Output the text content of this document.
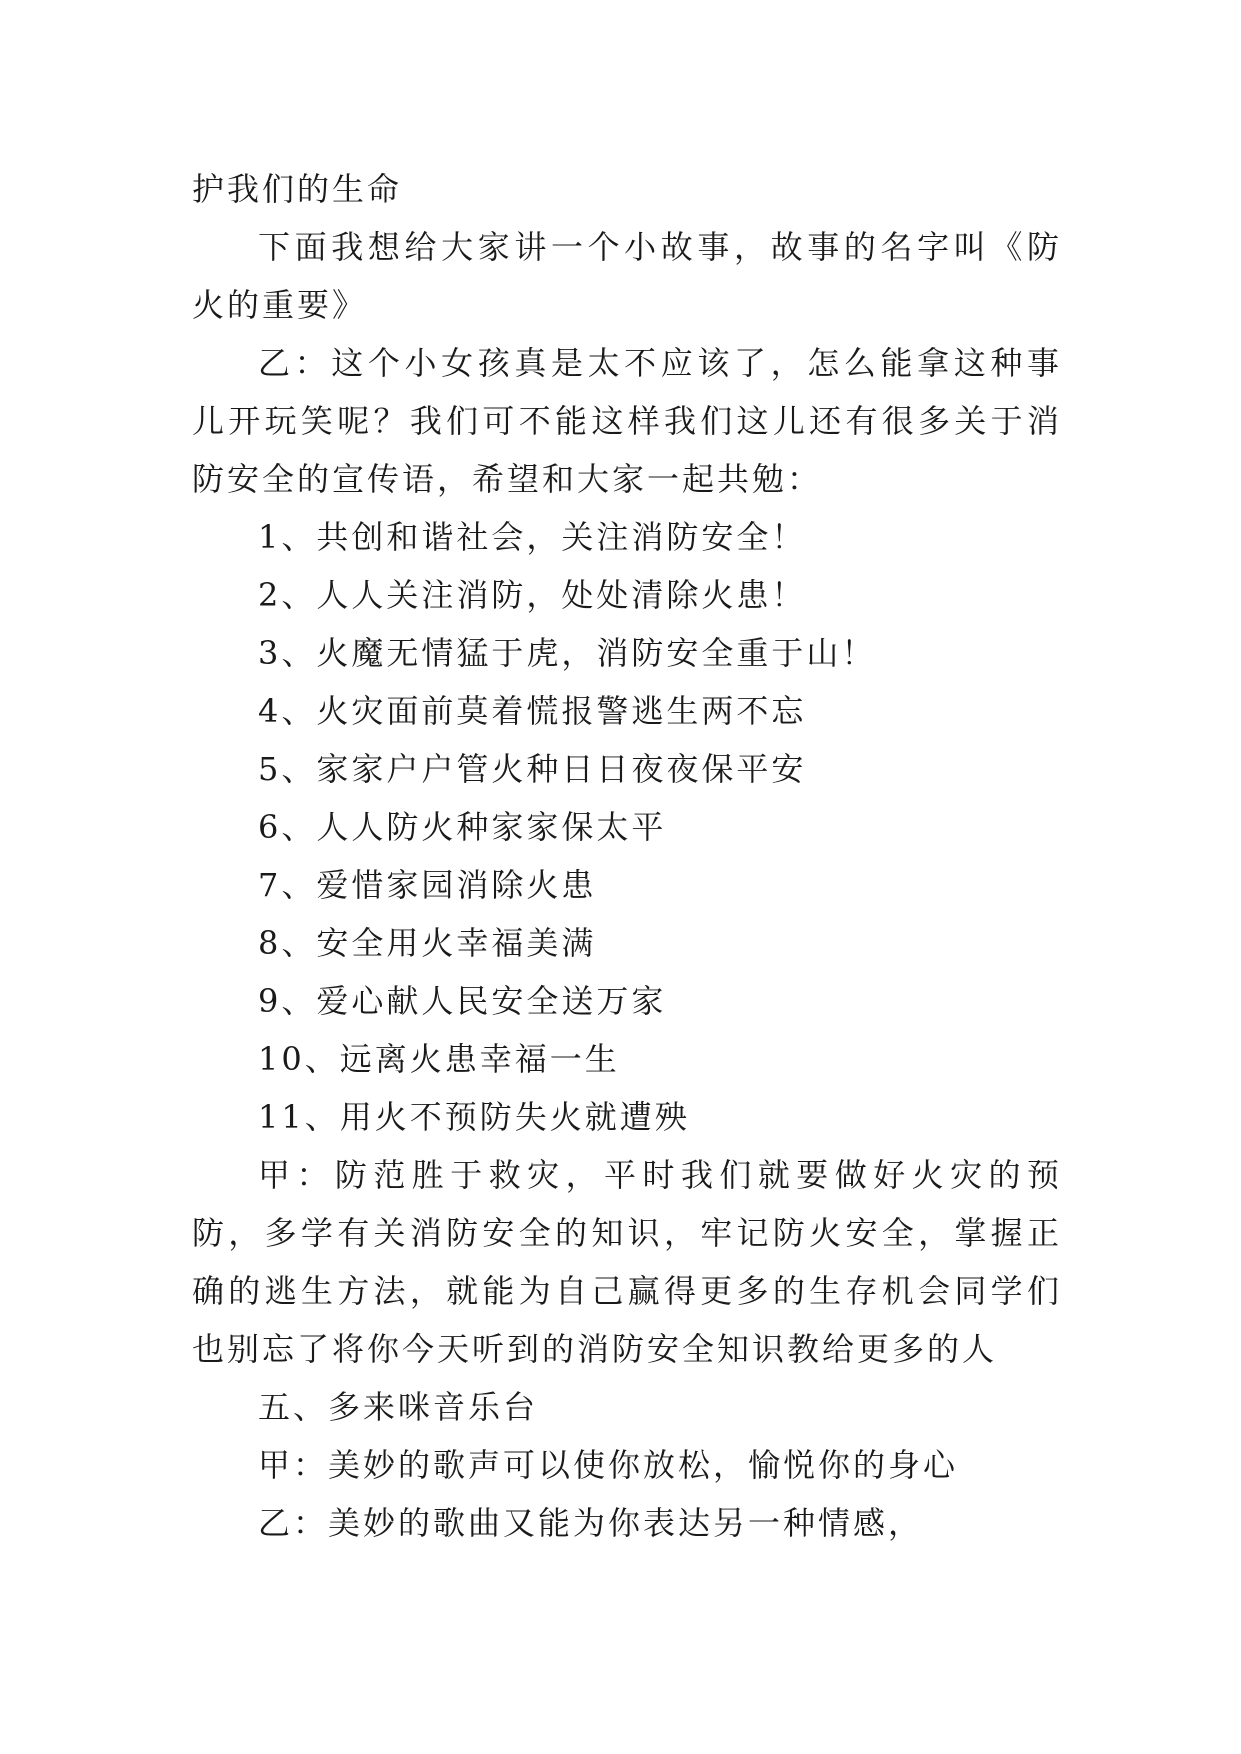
护我们的生命

下面我想给大家讲一个小故事，故事的名字叫《防火的重要》

乙：这个小女孩真是太不应该了，怎么能拿这种事儿开玩笑呢？我们可不能这样我们这儿还有很多关于消防安全的宣传语，希望和大家一起共勉：

1、共创和谐社会，关注消防安全！

2、人人关注消防，处处清除火患！

3、火魔无情猛于虎，消防安全重于山！

4、火灾面前莫着慌报警逃生两不忘

5、家家户户管火种日日夜夜保平安

6、人人防火种家家保太平

7、爱惜家园消除火患

8、安全用火幸福美满

9、爱心献人民安全送万家

10、远离火患幸福一生

11、用火不预防失火就遭殃

甲：防范胜于救灾，平时我们就要做好火灾的预防，多学有关消防安全的知识，牢记防火安全，掌握正确的逃生方法，就能为自己赢得更多的生存机会同学们也别忘了将你今天听到的消防安全知识教给更多的人

五、多来咪音乐台

甲：美妙的歌声可以使你放松，愉悦你的身心

乙：美妙的歌曲又能为你表达另一种情感，
